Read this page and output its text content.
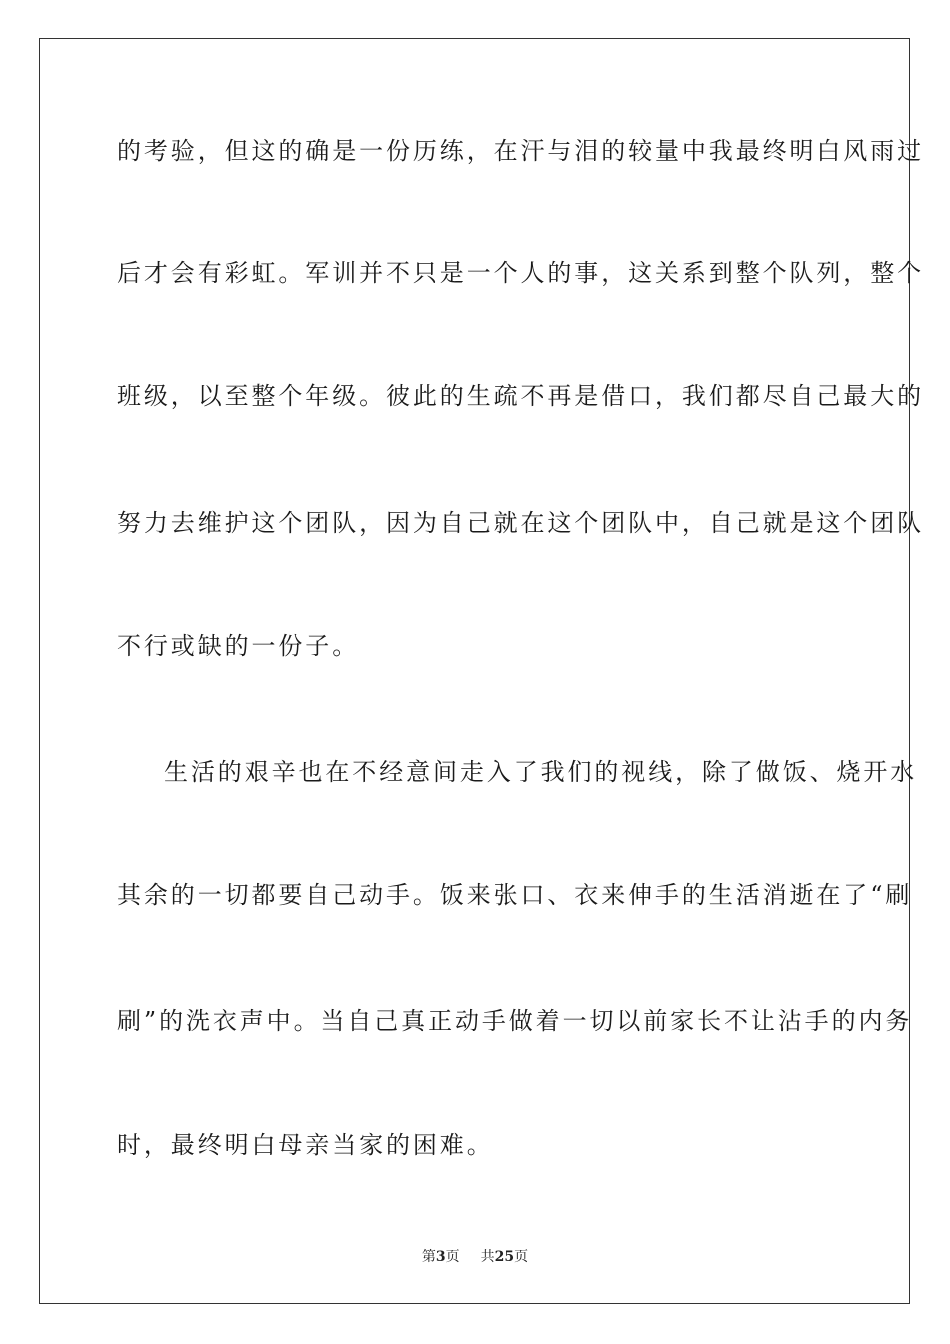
的考验，但这的确是一份历练，在汗与泪的较量中我最终明白风雨过
后才会有彩虹。军训并不只是一个人的事，这关系到整个队列，整个
班级，以至整个年级。彼此的生疏不再是借口，我们都尽自己最大的
努力去维护这个团队，因为自己就在这个团队中，自己就是这个团队
不行或缺的一份子。
生活的艰辛也在不经意间走入了我们的视线，除了做饭、烧开水
其余的一切都要自己动手。饭来张口、衣来伸手的生活消逝在了“刷
刷”的洗衣声中。当自己真正动手做着一切以前家长不让沾手的内务
时，最终明白母亲当家的困难。
第3页 共25页
